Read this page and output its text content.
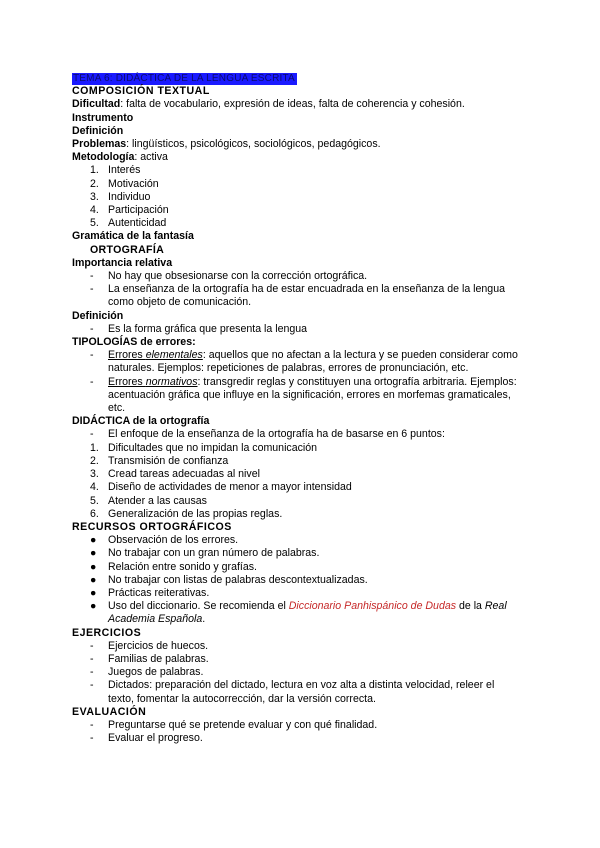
TEMA 6: DIDÁCTICA DE LA LENGUA ESCRITA
COMPOSICIÓN TEXTUAL
Dificultad: falta de vocabulario, expresión de ideas, falta de coherencia y cohesión.
Instrumento
Definición
Problemas: lingüísticos, psicológicos, sociológicos, pedagógicos.
Metodología: activa
1. Interés
2. Motivación
3. Individuo
4. Participación
5. Autenticidad
Gramática de la fantasía
ORTOGRAFÍA
Importancia relativa
-	No hay que obsesionarse con la corrección ortográfica.
-	La enseñanza de la ortografía ha de estar encuadrada en la enseñanza de la lengua como objeto de comunicación.
Definición
-	Es la forma gráfica que presenta la lengua
TIPOLOGÍAS de errores:
-	Errores elementales: aquellos que no afectan a la lectura y se pueden considerar como naturales. Ejemplos: repeticiones de palabras, errores de pronunciación, etc.
-	Errores normativos: transgredir reglas y constituyen una ortografía arbitraria. Ejemplos: acentuación gráfica que influye en la significación, errores en morfemas gramaticales, etc.
DIDÁCTICA de la ortografía
-	El enfoque de la enseñanza de la ortografía ha de basarse en 6 puntos:
1. Dificultades que no impidan la comunicación
2. Transmisión de confianza
3. Cread tareas adecuadas al nivel
4. Diseño de actividades de menor a mayor intensidad
5. Atender a las causas
6. Generalización de las propias reglas.
RECURSOS ORTOGRÁFICOS
●	Observación de los errores.
●	No trabajar con un gran número de palabras.
●	Relación entre sonido y grafías.
●	No trabajar con listas de palabras descontextualizadas.
●	Prácticas reiterativas.
●	Uso del diccionario. Se recomienda el Diccionario Panhispánico de Dudas de la Real Academia Española.
EJERCICIOS
-	Ejercicios de huecos.
-	Familias de palabras.
-	Juegos de palabras.
-	Dictados: preparación del dictado, lectura en voz alta a distinta velocidad, releer el texto, fomentar la autocorrección, dar la versión correcta.
EVALUACIÓN
-	Preguntarse qué se pretende evaluar y con qué finalidad.
-	Evaluar el progreso.
